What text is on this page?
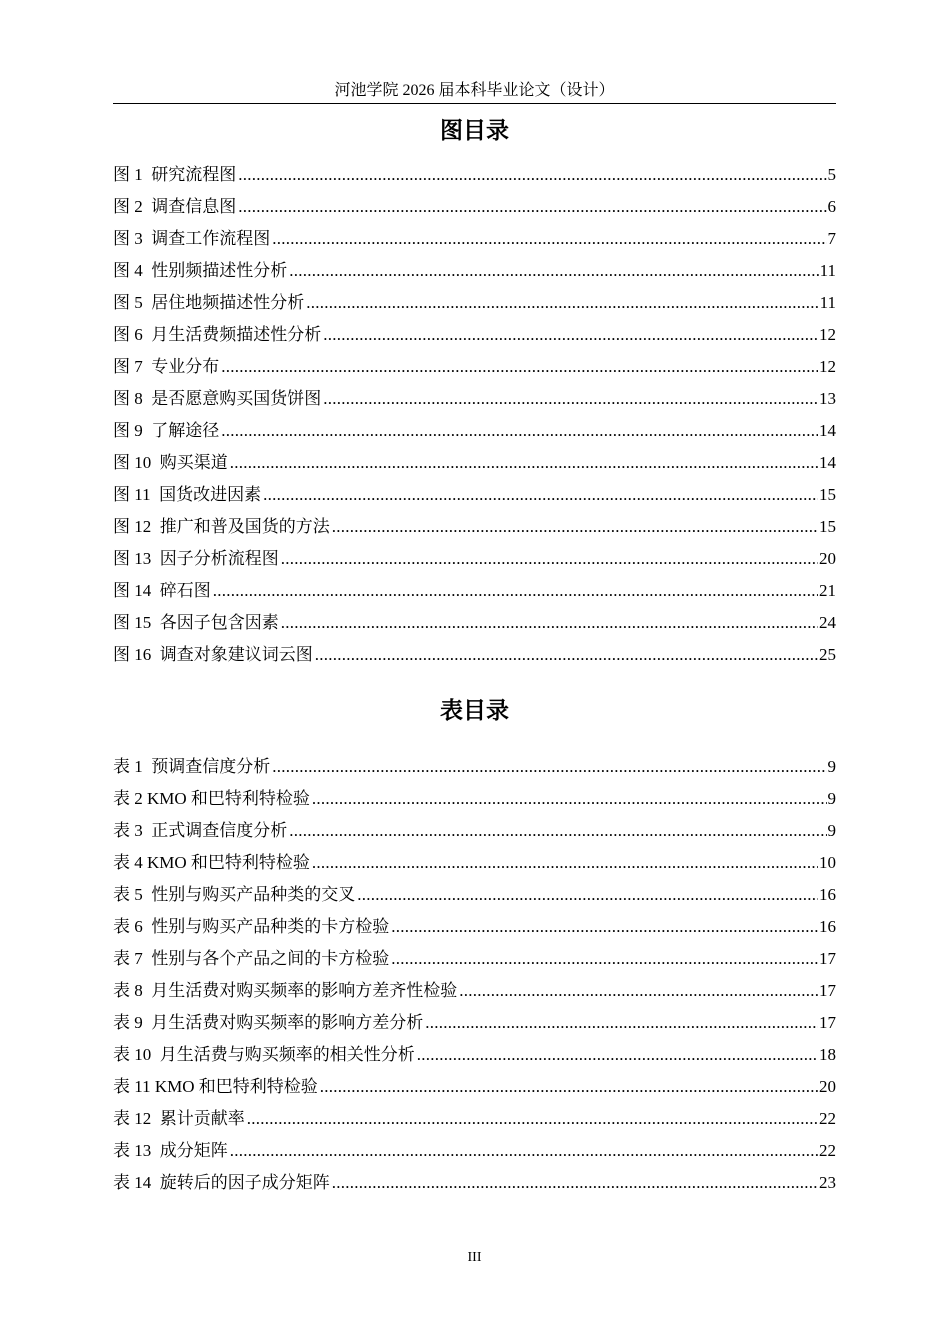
河池学院 2026 届本科毕业论文（设计）
图目录
图 1  研究流程图 . . .	5
图 2  调查信息图 . . .	6
图 3  调查工作流程图 . . .	7
图 4  性别频描述性分析 . . .	11
图 5  居住地频描述性分析 . . .	11
图 6  月生活费频描述性分析 . . .	12
图 7  专业分布 . . .	12
图 8  是否愿意购买国货饼图 . . .	13
图 9  了解途径 . . .	14
图 10  购买渠道 . . .	14
图 11  国货改进因素 . . .	15
图 12  推广和普及国货的方法 . . .	15
图 13  因子分析流程图 . . .	20
图 14  碎石图 . . .	21
图 15  各因子包含因素 . . .	24
图 16  调查对象建议词云图 . . .	25
表目录
表 1  预调查信度分析 . . .	9
表 2 KMO 和巴特利特检验 . . .	9
表 3  正式调查信度分析 . . .	9
表 4 KMO 和巴特利特检验 . . .	10
表 5  性别与购买产品种类的交叉 . . .	16
表 6  性别与购买产品种类的卡方检验 . . .	16
表 7  性别与各个产品之间的卡方检验 . . .	17
表 8  月生活费对购买频率的影响方差齐性检验 . . .	17
表 9  月生活费对购买频率的影响方差分析 . . .	17
表 10  月生活费与购买频率的相关性分析 . . .	18
表 11 KMO 和巴特利特检验 . . .	20
表 12  累计贡献率 . . .	22
表 13  成分矩阵 . . .	22
表 14  旋转后的因子成分矩阵 . . .	23
III
